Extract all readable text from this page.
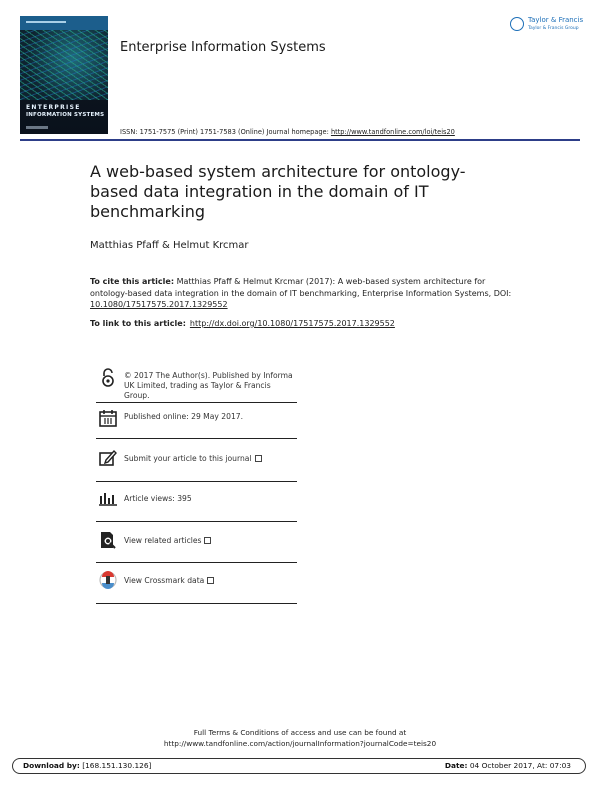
ENTERPRISE
INFORMATION SYSTEMS
Enterprise Information Systems
Taylor & Francis
Taylor & Francis Group
ISSN: 1751-7575 (Print) 1751-7583 (Online) Journal homepage: http://www.tandfonline.com/loi/teis20
A web-based system architecture for ontology-based data integration in the domain of IT benchmarking
Matthias Pfaff & Helmut Krcmar
To cite this article: Matthias Pfaff & Helmut Krcmar (2017): A web-based system architecture for ontology-based data integration in the domain of IT benchmarking, Enterprise Information Systems, DOI: 10.1080/17517575.2017.1329552
To link to this article: http://dx.doi.org/10.1080/17517575.2017.1329552
© 2017 The Author(s). Published by Informa UK Limited, trading as Taylor & Francis Group.
Published online: 29 May 2017.
Submit your article to this journal
Article views: 395
View related articles
View Crossmark data
Full Terms & Conditions of access and use can be found at
http://www.tandfonline.com/action/journalInformation?journalCode=teis20
Download by: [168.151.130.126]	Date: 04 October 2017, At: 07:03
